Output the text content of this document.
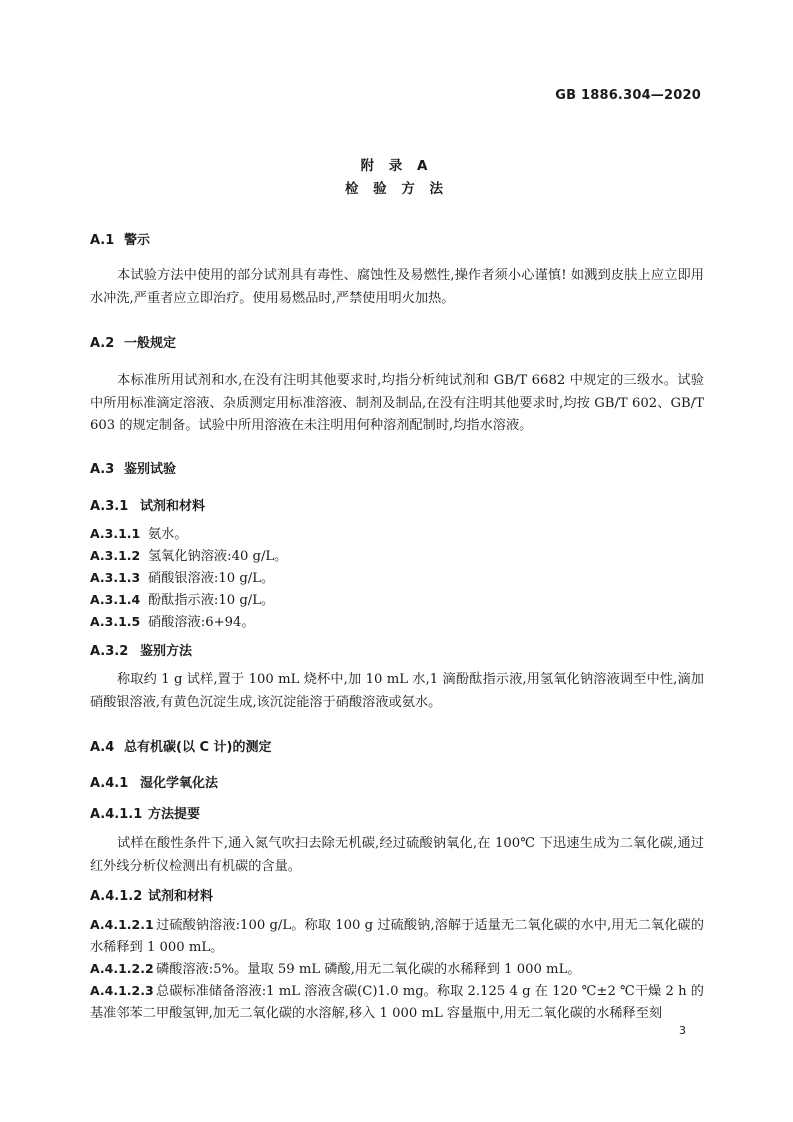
GB 1886.304—2020
附 录 A
检 验 方 法
A.1 警示
本试验方法中使用的部分试剂具有毒性、腐蚀性及易燃性,操作者须小心谨慎! 如溅到皮肤上应立即用水冲洗,严重者应立即治疗。使用易燃品时,严禁使用明火加热。
A.2 一般规定
本标准所用试剂和水,在没有注明其他要求时,均指分析纯试剂和 GB/T 6682 中规定的三级水。试验中所用标准滴定溶液、杂质测定用标准溶液、制剂及制品,在没有注明其他要求时,均按 GB/T 602、GB/T 603 的规定制备。试验中所用溶液在未注明用何种溶剂配制时,均指水溶液。
A.3 鉴别试验
A.3.1 试剂和材料
A.3.1.1 氨水。
A.3.1.2 氢氧化钠溶液:40 g/L。
A.3.1.3 硝酸银溶液:10 g/L。
A.3.1.4 酚酞指示液:10 g/L。
A.3.1.5 硝酸溶液:6+94。
A.3.2 鉴别方法
称取约 1 g 试样,置于 100 mL 烧杯中,加 10 mL 水,1 滴酚酞指示液,用氢氧化钠溶液调至中性,滴加硝酸银溶液,有黄色沉淀生成,该沉淀能溶于硝酸溶液或氨水。
A.4 总有机碳(以 C 计)的测定
A.4.1 湿化学氧化法
A.4.1.1 方法提要
试样在酸性条件下,通入氮气吹扫去除无机碳,经过硫酸钠氧化,在 100℃ 下迅速生成为二氧化碳,通过红外线分析仪检测出有机碳的含量。
A.4.1.2 试剂和材料
A.4.1.2.1 过硫酸钠溶液:100 g/L。称取 100 g 过硫酸钠,溶解于适量无二氧化碳的水中,用无二氧化碳的水稀释到 1 000 mL。
A.4.1.2.2 磷酸溶液:5%。量取 59 mL 磷酸,用无二氧化碳的水稀释到 1 000 mL。
A.4.1.2.3 总碳标准储备溶液:1 mL 溶液含碳(C)1.0 mg。称取 2.125 4 g 在 120 ℃±2 ℃干燥 2 h 的基准邻苯二甲酸氢钾,加无二氧化碳的水溶解,移入 1 000 mL 容量瓶中,用无二氧化碳的水稀释至刻
3
